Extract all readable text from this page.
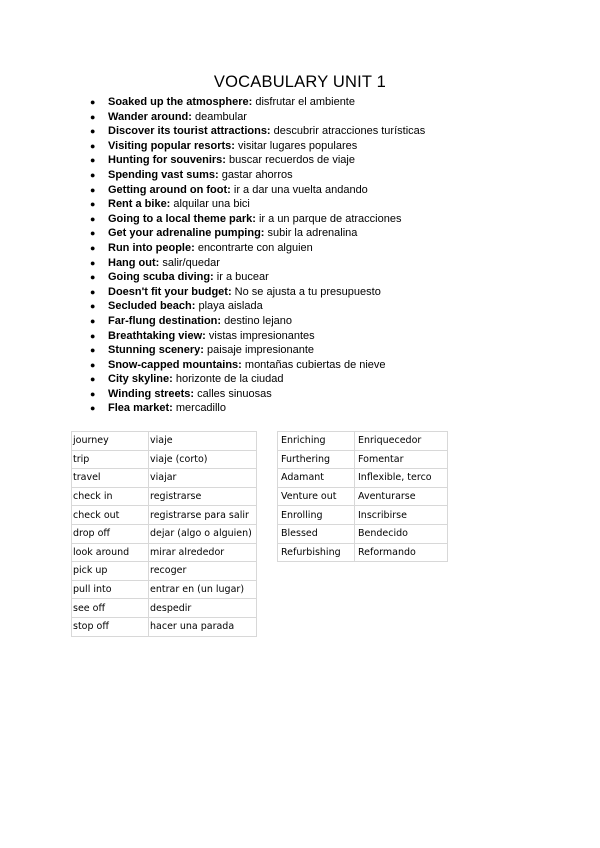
VOCABULARY UNIT 1
● Soaked up the atmosphere: disfrutar el ambiente
● Wander around: deambular
● Discover its tourist attractions: descubrir atracciones turísticas
● Visiting popular resorts: visitar lugares populares
● Hunting for souvenirs: buscar recuerdos de viaje
● Spending vast sums: gastar ahorros
● Getting around on foot: ir a dar una vuelta andando
● Rent a bike: alquilar una bici
● Going to a local theme park: ir a un parque de atracciones
● Get your adrenaline pumping: subir la adrenalina
● Run into people: encontrarte con alguien
● Hang out: salir/quedar
● Going scuba diving: ir a bucear
● Doesn't fit your budget: No se ajusta a tu presupuesto
● Secluded beach: playa aislada
● Far-flung destination: destino lejano
● Breathtaking view: vistas impresionantes
● Stunning scenery: paisaje impresionante
● Snow-capped mountains: montañas cubiertas de nieve
● City skyline: horizonte de la ciudad
● Winding streets: calles sinuosas
● Flea market: mercadillo
journey	viaje
trip	viaje (corto)
travel	viajar
check in	registrarse
check out	registrarse para salir
drop off	dejar (algo o alguien)
look around	mirar alrededor
pick up	recoger
pull into	entrar en (un lugar)
see off	despedir
stop off	hacer una parada
Enriching	Enriquecedor
Furthering	Fomentar
Adamant	Inflexible, terco
Venture out	Aventurarse
Enrolling	Inscribirse
Blessed	Bendecido
Refurbishing	Reformando
